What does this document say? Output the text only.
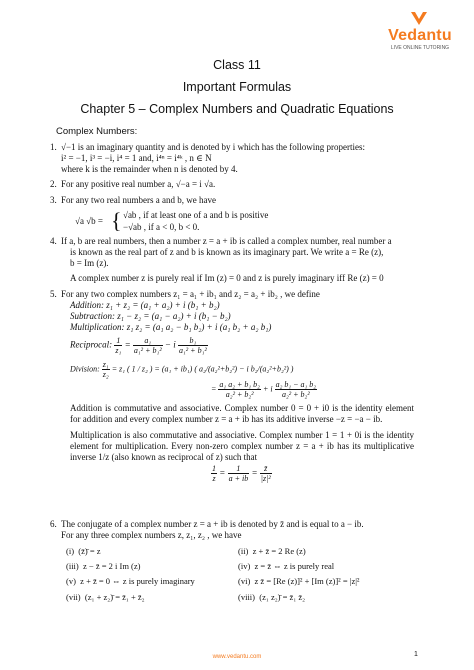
Vedantu
LIVE ONLINE TUTORING
Class 11
Important Formulas
Chapter 5 – Complex Numbers and Quadratic Equations
Complex Numbers:
1. √−1 is an imaginary quantity and is denoted by i which has the following properties:
i² = −1, i³ = −i, i⁴ = 1 and, i⁴ⁿ = i⁴ᵏ , n ∈ N
where k is the remainder when n is denoted by 4.
2. For any positive real number a, √−a = i √a.
3. For any two real numbers a and b, we have
√a √b = { √ab , if at least one of a and b is positive
−√ab , if a < 0, b < 0.
4. If a, b are real numbers, then a number z = a + ib is called a complex number, real number a
is known as the real part of z and b is known as its imaginary part. We write a = Re (z),
b = Im (z).
A complex number z is purely real if Im (z) = 0 and z is purely imaginary iff Re (z) = 0
5. For any two complex numbers z₁ = a₁ + ib₁ and z₂ = a₂ + ib₂ , we define
Addition: z₁ + z₂ = (a₁ + a₂) + i (b₁ + b₂)
Subtraction: z₁ − z₂ = (a₁ − a₂) + i (b₁ − b₂)
Multiplication: z₁ z₂ = (a₁ a₂ − b₁ b₂) + i (a₁ b₂ + a₂ b₁)
Reciprocal: $\frac{1}{\text{z₁}} = \frac{\text{a₁}}{\text{a₁² + b₁²}} - i \frac{\text{b₁}}{\text{a₁² + b₁²}}$
Division: $\frac{\text{z₁}}{\text{z₂}} = z_1$ ( 1 / z₂ ) = (a₁ + ib₁) ( a₂/(a₂²+b₂²) − i b₂/(a₂²+b₂²) )
= $\frac{\text{a₁ a₂ + b₁ b₂}}{\text{a₂² + b₂²}} + i \frac{\text{a₂ b₁ − a₁ b₂}}{\text{a₂² + b₂²}}$
Addition is commutative and associative. Complex number 0 = 0 + i0 is the identity element for addition and every complex number z = a + ib has its additive inverse −z = −a − ib.
Multiplication is also commutative and associative. Complex number 1 = 1 + 0i is the identity element for multiplication. Every non-zero complex number z = a + ib has its multiplicative inverse 1/z (also known as reciprocal of z) such that
$\frac{1}{z} = \frac{1}{a + ib} = \frac{z̄}{\text{|z|²}}$
6. The conjugate of a complex number z = a + ib is denoted by z̄ and is equal to a − ib.
For any three complex numbers z, z₁, z₂ , we have
(i) (z̄)̄ = z	(ii) z + z̄ = 2 Re (z)
(iii) z − z̄ = 2 i Im (z)	(iv) z = z̄ ⇔ z is purely real
(v) z + z̄ = 0 ⇔ z is purely imaginary	(vi) z z̄ = [Re (z)]² + [Im (z)]² = |z|²
(vii) (z₁ + z₂)̄ = z̄₁ + z̄₂	(viii) (z₁ z₂)̄ = z̄₁ z̄₂
www.vedantu.com	1
